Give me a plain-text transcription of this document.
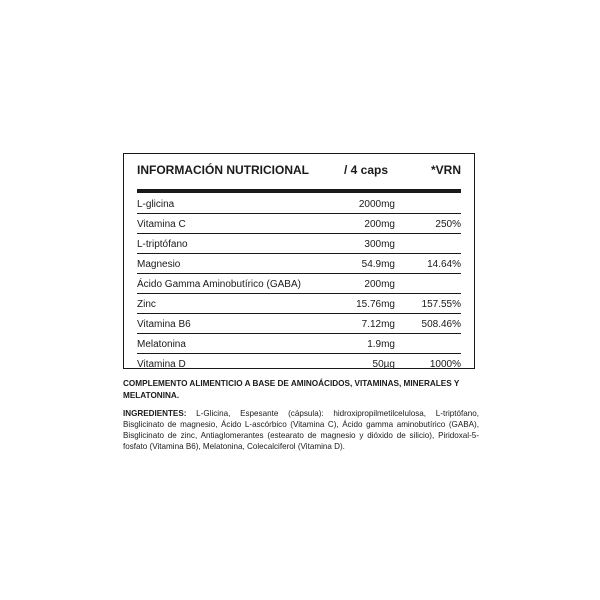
INFORMACIÓN NUTRICIONAL	/ 4 caps	*VRN
L-glicina	2000mg
Vitamina C	200mg	250%
L-triptófano	300mg
Magnesio	54.9mg	14.64%
Ácido Gamma Aminobutírico (GABA)	200mg
Zinc	15.76mg	157.55%
Vitamina B6	7.12mg	508.46%
Melatonina	1.9mg
Vitamina D	50µg	1000%
COMPLEMENTO ALIMENTICIO A BASE DE AMINOÁCIDOS, VITAMINAS, MINERALES Y MELATONINA.
INGREDIENTES: L-Glicina, Espesante (cápsula): hidroxipropilmetilcelulosa, L-triptófano, Bisglicinato de magnesio, Ácido L-ascórbico (Vitamina C), Ácido gamma aminobutírico (GABA), Bisglicinato de zinc, Antiaglomerantes (estearato de magnesio y dióxido de silicio), Piridoxal-5-fosfato (Vitamina B6), Melatonina, Colecalciferol (Vitamina D).
